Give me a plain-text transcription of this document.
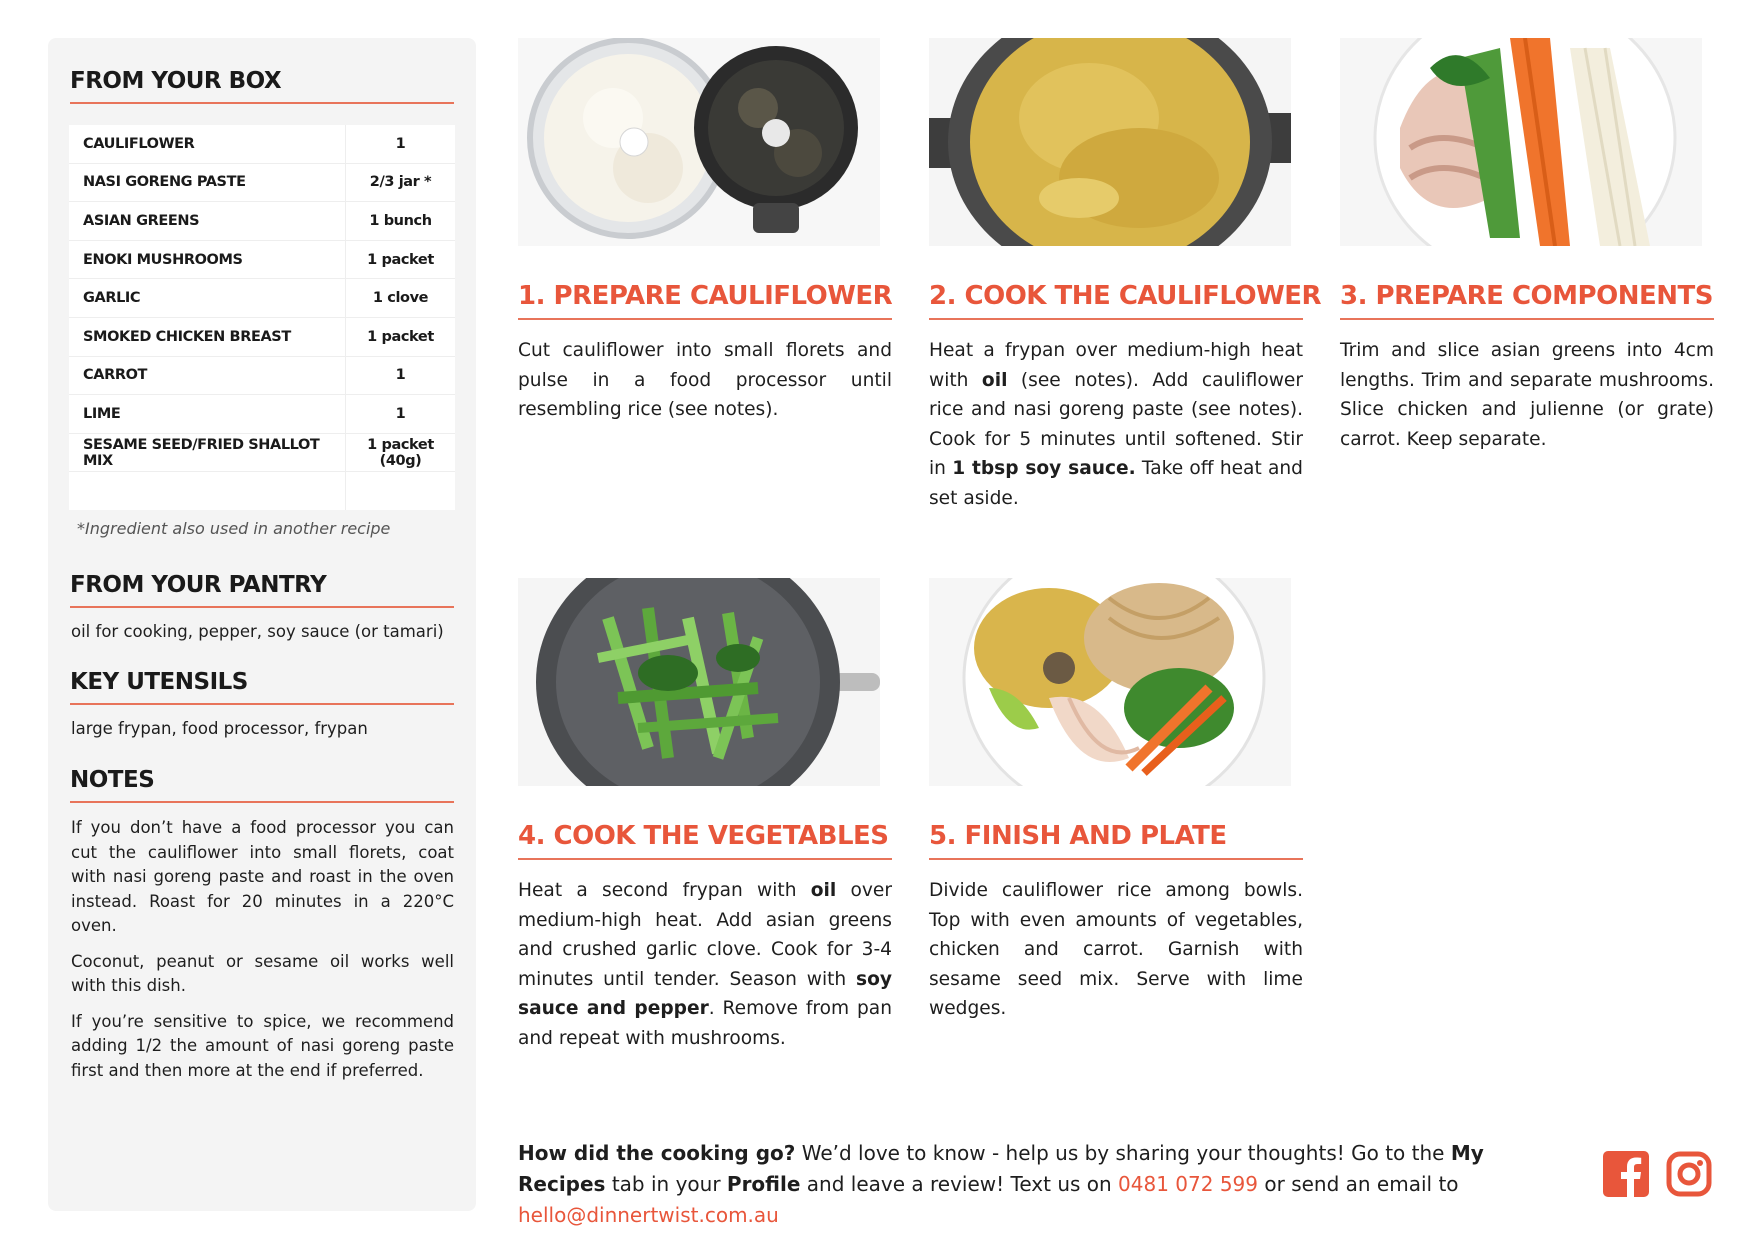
FROM YOUR BOX
CAULIFLOWER	1
NASI GORENG PASTE	2/3 jar *
ASIAN GREENS	1 bunch
ENOKI MUSHROOMS	1 packet
GARLIC	1 clove
SMOKED CHICKEN BREAST	1 packet
CARROT	1
LIME	1
SESAME SEED/FRIED SHALLOT MIX	1 packet (40g)

*Ingredient also used in another recipe
FROM YOUR PANTRY
oil for cooking, pepper, soy sauce (or tamari)
KEY UTENSILS
large frypan, food processor, frypan
NOTES

If you don’t have a food processor you can cut the cauliflower into small florets, coat with nasi goreng paste and roast in the oven instead. Roast for 20 minutes in a 220°C oven.

Coconut, peanut or sesame oil works well with this dish.

If you’re sensitive to spice, we recommend adding 1/2 the amount of nasi goreng paste first and then more at the end if preferred.

1. PREPARE CAULIFLOWER
Cut cauliflower into small florets and pulse in a food processor until resembling rice (see notes).
2. COOK THE CAULIFLOWER
Heat a frypan over medium-high heat with oil (see notes). Add cauliflower rice and nasi goreng paste (see notes). Cook for 5 minutes until softened. Stir in 1 tbsp soy sauce. Take off heat and set aside.
3. PREPARE COMPONENTS
Trim and slice asian greens into 4cm lengths. Trim and separate mushrooms. Slice chicken and julienne (or grate) carrot. Keep separate.
4. COOK THE VEGETABLES
Heat a second frypan with oil over medium-high heat. Add asian greens and crushed garlic clove. Cook for 3-4 minutes until tender. Season with soy sauce and pepper. Remove from pan and repeat with mushrooms.
5. FINISH AND PLATE
Divide cauliflower rice among bowls. Top with even amounts of vegetables, chicken and carrot. Garnish with sesame seed mix. Serve with lime wedges.
How did the cooking go? We’d love to know - help us by sharing your thoughts! Go to the My Recipes tab in your Profile and leave a review! Text us on 0481 072 599 or send an email to hello@dinnertwist.com.au
